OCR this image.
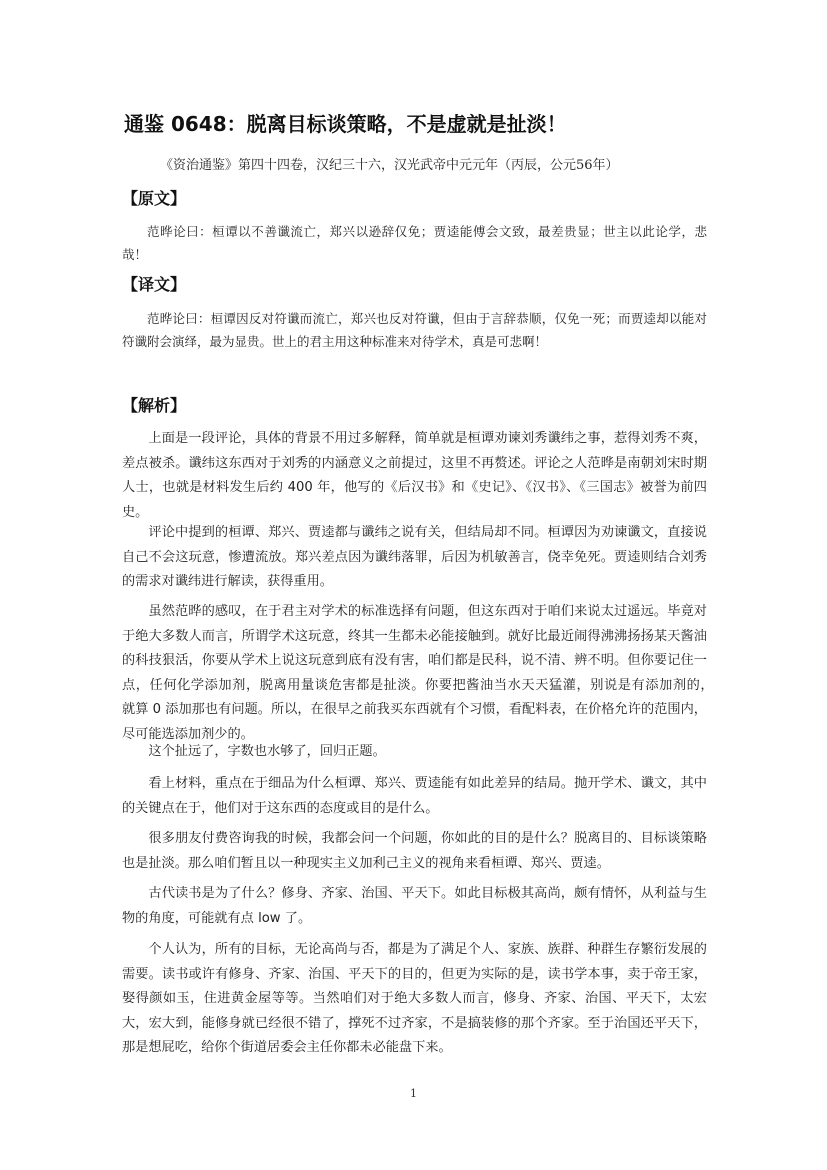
通鉴 0648：脱离目标谈策略，不是虚就是扯淡！
《资治通鉴》第四十四卷，汉纪三十六，汉光武帝中元元年（丙辰，公元56年）
【原文】
范晔论曰：桓谭以不善谶流亡，郑兴以逊辞仅免；贾逵能傅会文致，最差贵显；世主以此论学，悲哉！
【译文】
范晔论曰：桓谭因反对符谶而流亡，郑兴也反对符谶，但由于言辞恭顺，仅免一死；而贾逵却以能对符谶附会演绎，最为显贵。世上的君主用这种标准来对待学术，真是可悲啊！
【解析】

上面是一段评论，具体的背景不用过多解释，简单就是桓谭劝谏刘秀谶纬之事，惹得刘秀不爽，差点被杀。谶纬这东西对于刘秀的内涵意义之前提过，这里不再赘述。评论之人范晔是南朝刘宋时期人士，也就是材料发生后约 400 年，他写的《后汉书》和《史记》、《汉书》、《三国志》被誉为前四史。

评论中提到的桓谭、郑兴、贾逵都与谶纬之说有关，但结局却不同。桓谭因为劝谏谶文，直接说自己不会这玩意，惨遭流放。郑兴差点因为谶纬落罪，后因为机敏善言，侥幸免死。贾逵则结合刘秀的需求对谶纬进行解读，获得重用。

虽然范晔的感叹，在于君主对学术的标准选择有问题，但这东西对于咱们来说太过遥远。毕竟对于绝大多数人而言，所谓学术这玩意，终其一生都未必能接触到。就好比最近闹得沸沸扬扬某天酱油的科技狠活，你要从学术上说这玩意到底有没有害，咱们都是民科，说不清、辨不明。但你要记住一点，任何化学添加剂，脱离用量谈危害都是扯淡。你要把酱油当水天天猛灌，别说是有添加剂的，　就算 0 添加那也有问题。所以，在很早之前我买东西就有个习惯，看配料表，在价格允许的范围内，尽可能选添加剂少的。

这个扯远了，字数也水够了，回归正题。

看上材料，重点在于细品为什么桓谭、郑兴、贾逵能有如此差异的结局。抛开学术、谶文，其中的关键点在于，他们对于这东西的态度或目的是什么。

很多朋友付费咨询我的时候，我都会问一个问题，你如此的目的是什么？脱离目的、目标谈策略也是扯淡。那么咱们暂且以一种现实主义加利己主义的视角来看桓谭、郑兴、贾逵。

古代读书是为了什么？修身、齐家、治国、平天下。如此目标极其高尚，颇有情怀，从利益与生物的角度，可能就有点 low 了。

个人认为，所有的目标，无论高尚与否，都是为了满足个人、家族、族群、种群生存繁衍发展的需要。读书或许有修身、齐家、治国、平天下的目的，但更为实际的是，读书学本事，卖于帝王家，娶得颜如玉，住进黄金屋等等。当然咱们对于绝大多数人而言，修身、齐家、治国、平天下，太宏大，宏大到，能修身就已经很不错了，撑死不过齐家，不是搞装修的那个齐家。至于治国还平天下，那是想屁吃，给你个街道居委会主任你都未必能盘下来。

1
